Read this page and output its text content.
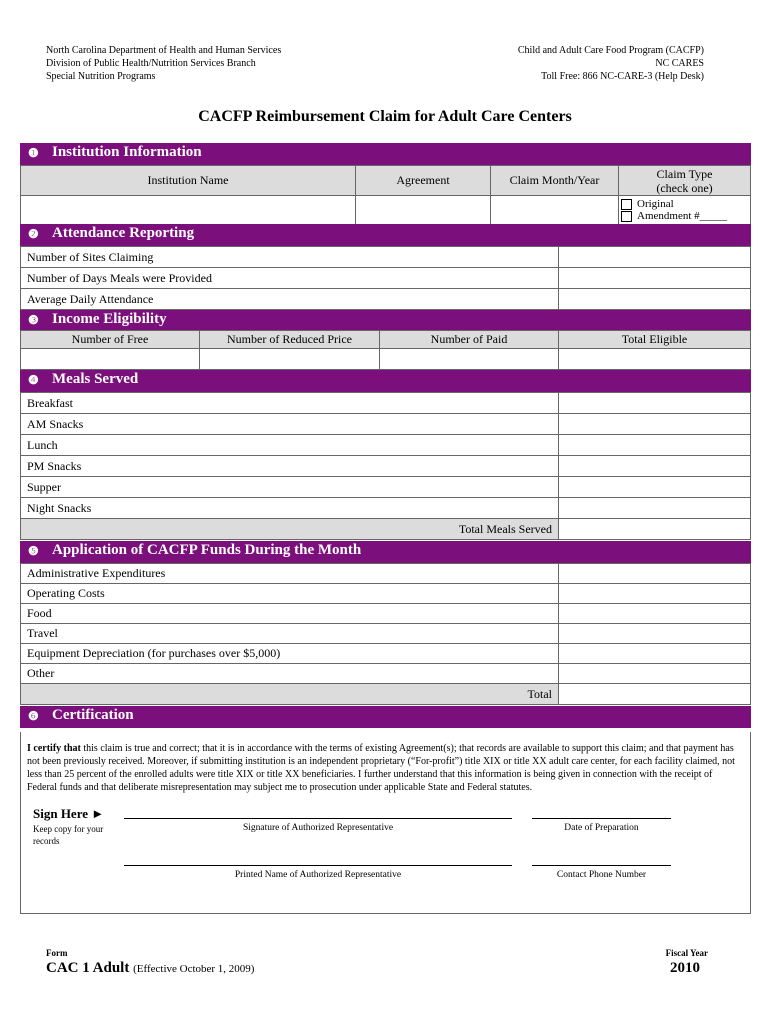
North Carolina Department of Health and Human Services
Division of Public Health/Nutrition Services Branch
Special Nutrition Programs
Child and Adult Care Food Program (CACFP)
NC CARES
Toll Free: 866 NC-CARE-3 (Help Desk)
CACFP Reimbursement Claim for Adult Care Centers
❶ Institution Information
Institution Name	Agreement	Claim Month/Year	Claim Type
(check one)
Original
Amendment #_____
❷ Attendance Reporting
Number of Sites Claiming
Number of Days Meals were Provided
Average Daily Attendance
❸ Income Eligibility
Number of Free	Number of Reduced Price	Number of Paid	Total Eligible
❹ Meals Served
Breakfast
AM Snacks
Lunch
PM Snacks
Supper
Night Snacks
Total Meals Served
❺ Application of CACFP Funds During the Month
Administrative Expenditures
Operating Costs
Food
Travel
Equipment Depreciation (for purchases over $5,000)
Other
Total
❻ Certification
I certify that this claim is true and correct; that it is in accordance with the terms of existing Agreement(s); that records are available to support this claim; and that payment has not been previously received. Moreover, if submitting institution is an independent proprietary (“For-profit”) title XIX or title XX adult care center, for each facility claimed, not less than 25 percent of the enrolled adults were title XIX or title XX beneficiaries. I further understand that this information is being given in connection with the receipt of Federal funds and that deliberate misrepresentation may subject me to prosecution under applicable State and Federal statutes.
Sign Here ►
Keep copy for your records
Signature of Authorized Representative	Date of Preparation
Printed Name of Authorized Representative	Contact Phone Number
Form
CAC 1 Adult (Effective October 1, 2009)
Fiscal Year
2010
